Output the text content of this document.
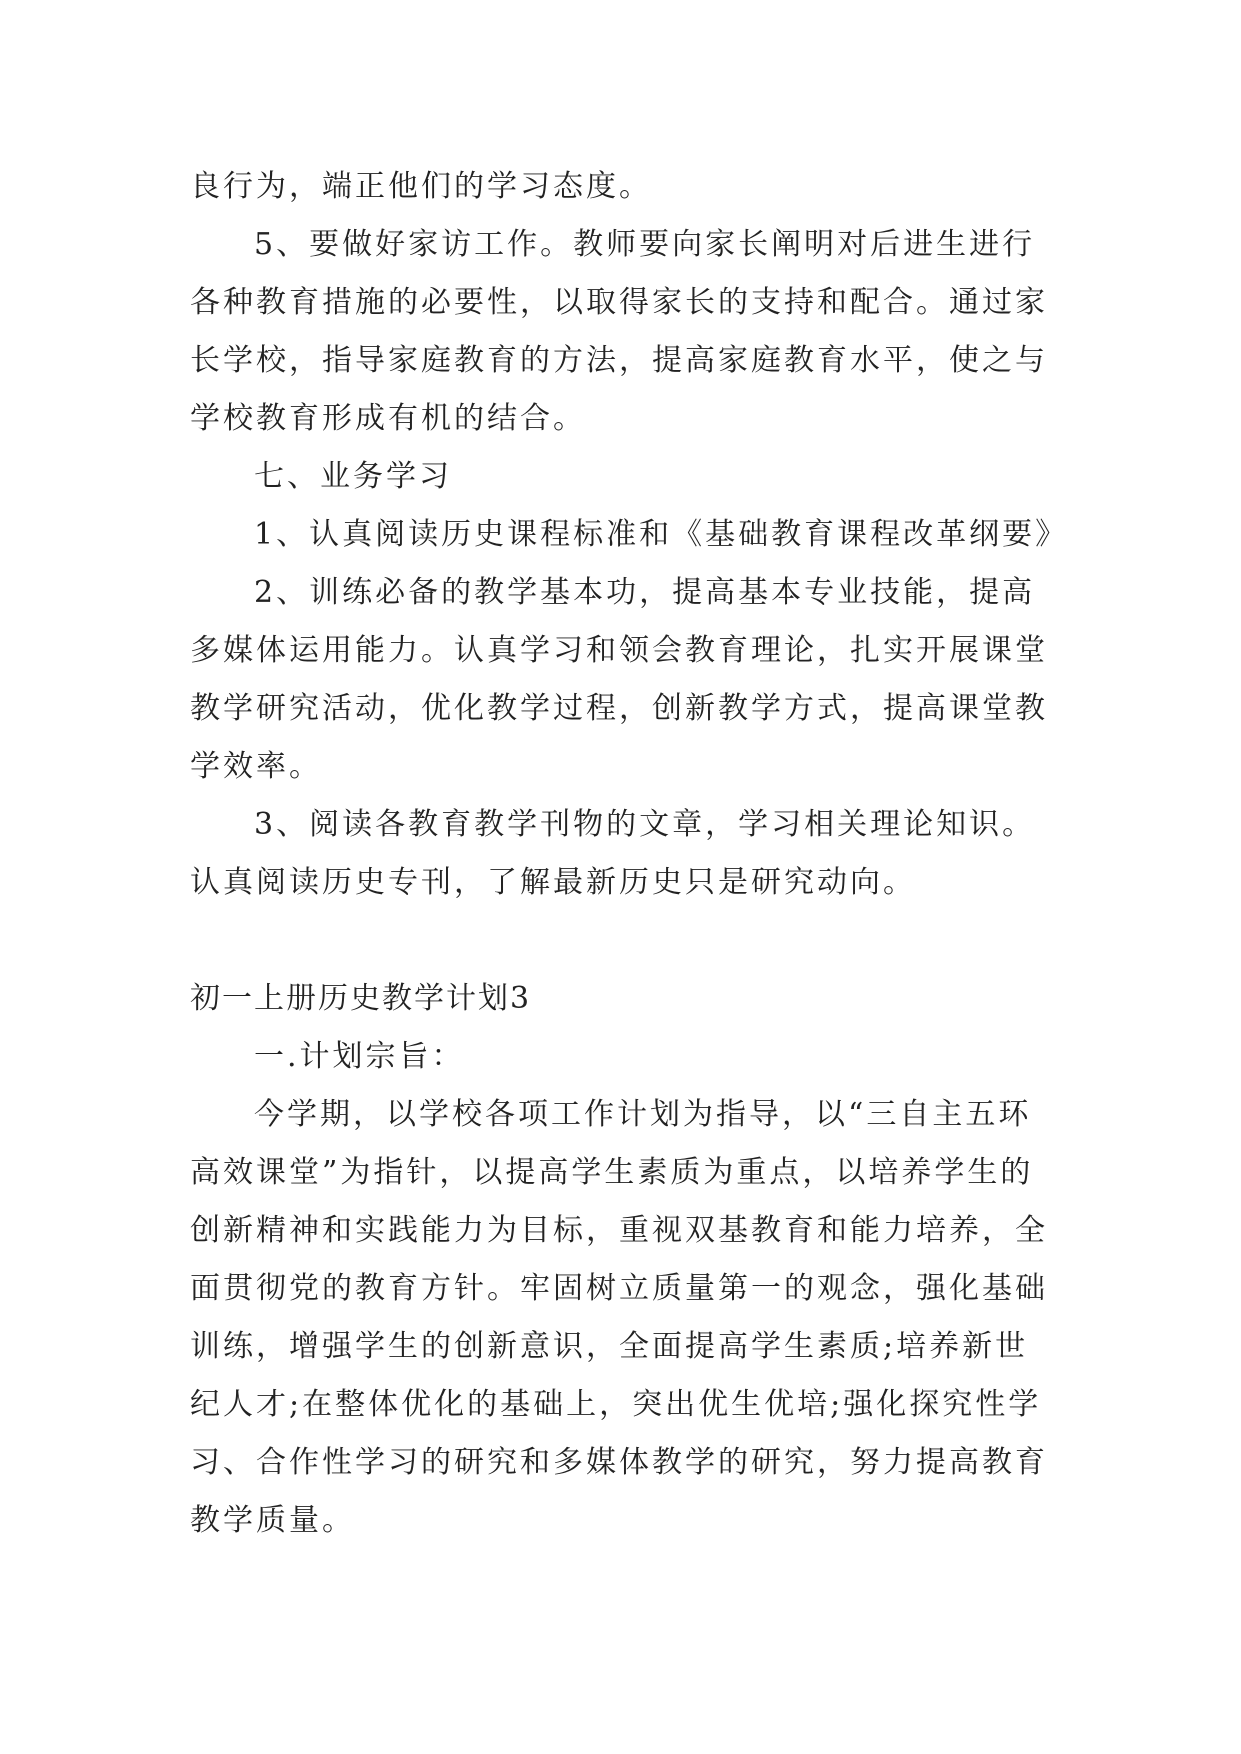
良行为，端正他们的学习态度。

5、要做好家访工作。教师要向家长阐明对后进生进行各种教育措施的必要性，以取得家长的支持和配合。通过家长学校，指导家庭教育的方法，提高家庭教育水平，使之与学校教育形成有机的结合。

七、业务学习

1、认真阅读历史课程标准和《基础教育课程改革纲要》

2、训练必备的教学基本功，提高基本专业技能，提高多媒体运用能力。认真学习和领会教育理论，扎实开展课堂教学研究活动，优化教学过程，创新教学方式，提高课堂教学效率。

3、阅读各教育教学刊物的文章，学习相关理论知识。认真阅读历史专刊，了解最新历史只是研究动向。

初一上册历史教学计划3

一.计划宗旨：

今学期，以学校各项工作计划为指导，以“三自主五环高效课堂”为指针，以提高学生素质为重点，以培养学生的创新精神和实践能力为目标，重视双基教育和能力培养，全面贯彻党的教育方针。牢固树立质量第一的观念，强化基础训练，增强学生的创新意识，全面提高学生素质;培养新世纪人才;在整体优化的基础上，突出优生优培;强化探究性学习、合作性学习的研究和多媒体教学的研究，努力提高教育教学质量。
